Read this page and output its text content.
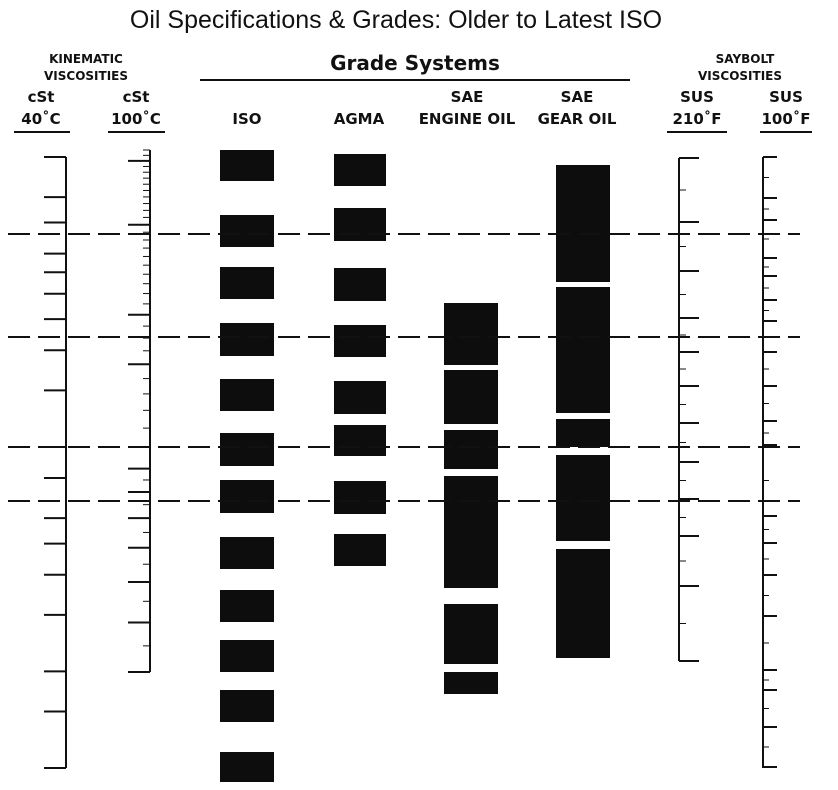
Oil Specifications & Grades: Older to Latest ISO
KINEMATIC
VISCOSITIES
Grade Systems	SAYBOLT
VISCOSITIES
cSt
40˚C
cSt
100˚C	ISO	AGMA
SAE
ENGINE OIL
SAE
GEAR OIL
SUS
210˚F
SUS
100˚F
